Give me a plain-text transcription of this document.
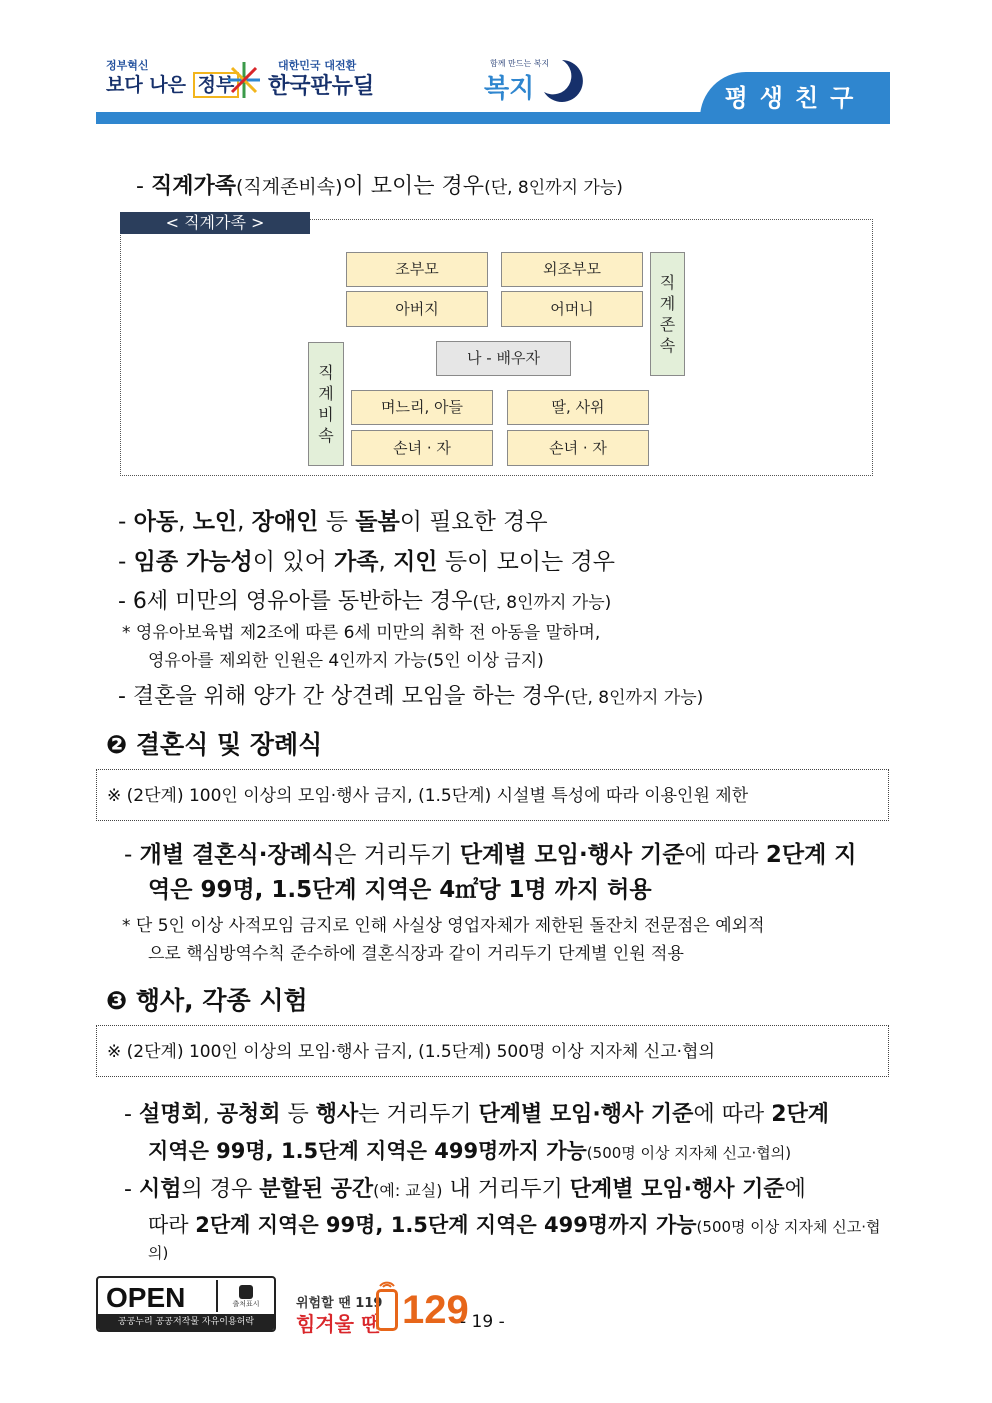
정부혁신
보다 나은 정부
대한민국 대전환
한국판뉴딜
함께 만드는 복지
복지	평생친구
- 직계가족(직계존비속)이 모이는 경우(단, 8인까지 가능)
< 직계가족 >
조부모	외조부모
아버지	어머니
직
계
존
속
나 - 배우자
직
계
비
속
며느리, 아들	딸, 사위
손녀 · 자	손녀 · 자
- 아동, 노인, 장애인 등 돌봄이 필요한 경우
- 임종 가능성이 있어 가족, 지인 등이 모이는 경우
- 6세 미만의 영유아를 동반하는 경우(단, 8인까지 가능)
* 영유아보육법 제2조에 따른 6세 미만의 취학 전 아동을 말하며,
영유아를 제외한 인원은 4인까지 가능(5인 이상 금지)
- 결혼을 위해 양가 간 상견례 모임을 하는 경우(단, 8인까지 가능)
❷ 결혼식 및 장례식
※ (2단계) 100인 이상의 모임·행사 금지, (1.5단계) 시설별 특성에 따라 이용인원 제한
- 개별 결혼식·장례식은 거리두기 단계별 모임·행사 기준에 따라 2단계 지
역은 99명, 1.5단계 지역은 4㎡당 1명 까지 허용
* 단 5인 이상 사적모임 금지로 인해 사실상 영업자체가 제한된 돌잔치 전문점은 예외적
으로 핵심방역수칙 준수하에 결혼식장과 같이 거리두기 단계별 인원 적용
❸ 행사, 각종 시험
※ (2단계) 100인 이상의 모임·행사 금지, (1.5단계) 500명 이상 지자체 신고·협의
- 설명회, 공청회 등 행사는 거리두기 단계별 모임·행사 기준에 따라 2단계
지역은 99명, 1.5단계 지역은 499명까지 가능(500명 이상 지자체 신고·협의)
- 시험의 경우 분할된 공간(예: 교실) 내 거리두기 단계별 모임·행사 기준에
따라 2단계 지역은 99명, 1.5단계 지역은 499명까지 가능(500명 이상 지자체 신고·협
의)
OPEN	출처표시
공공누리 공공저작물 자유이용허락
위험할 땐 119
힘겨울 땐 129
- 19 -
